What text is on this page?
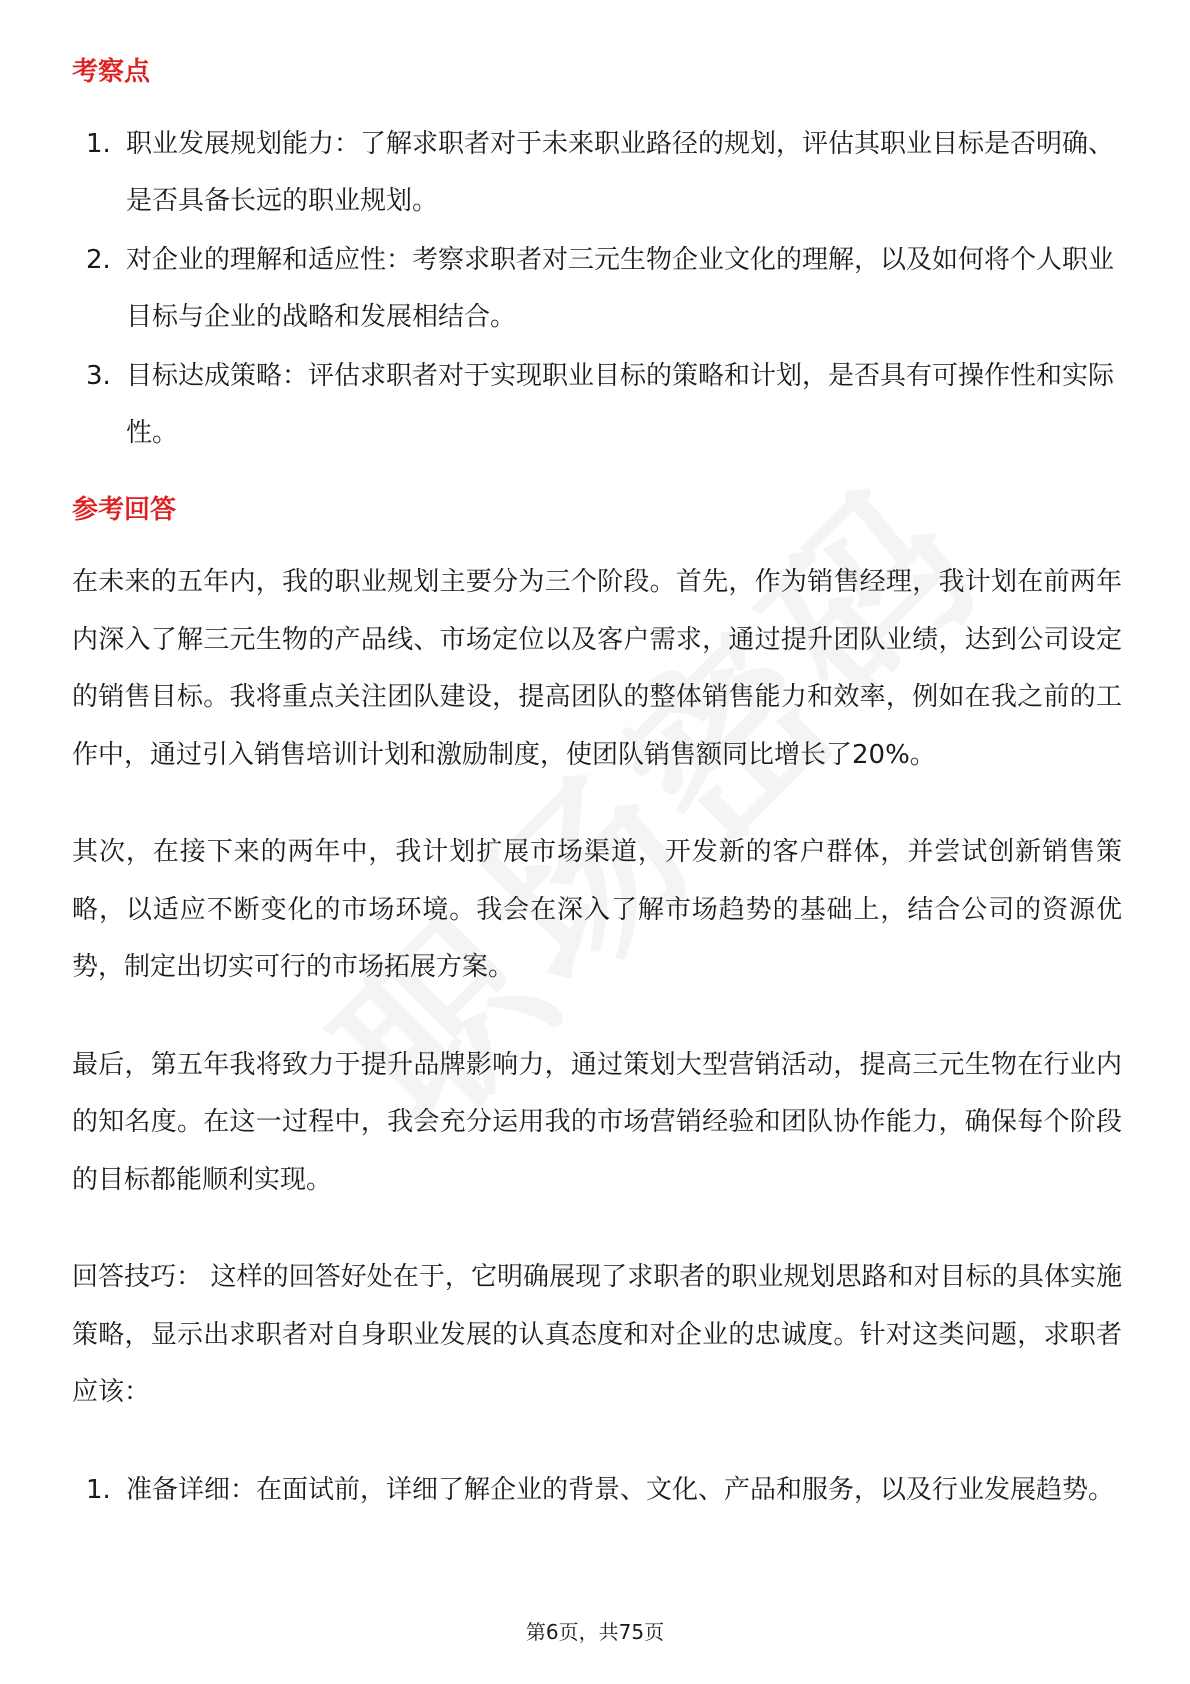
考察点
1. 职业发展规划能力：了解求职者对于未来职业路径的规划，评估其职业目标是否明确、是否具备长远的职业规划。
2. 对企业的理解和适应性：考察求职者对三元生物企业文化的理解，以及如何将个人职业目标与企业的战略和发展相结合。
3. 目标达成策略：评估求职者对于实现职业目标的策略和计划，是否具有可操作性和实际性。
参考回答

在未来的五年内，我的职业规划主要分为三个阶段。首先，作为销售经理，我计划在前两年内深入了解三元生物的产品线、市场定位以及客户需求，通过提升团队业绩，达到公司设定的销售目标。我将重点关注团队建设，提高团队的整体销售能力和效率，例如在我之前的工作中，通过引入销售培训计划和激励制度，使团队销售额同比增长了20%。

其次，在接下来的两年中，我计划扩展市场渠道，开发新的客户群体，并尝试创新销售策略，以适应不断变化的市场环境。我会在深入了解市场趋势的基础上，结合公司的资源优势，制定出切实可行的市场拓展方案。

最后，第五年我将致力于提升品牌影响力，通过策划大型营销活动，提高三元生物在行业内的知名度。在这一过程中，我会充分运用我的市场营销经验和团队协作能力，确保每个阶段的目标都能顺利实现。

回答技巧： 这样的回答好处在于，它明确展现了求职者的职业规划思路和对目标的具体实施策略，显示出求职者对自身职业发展的认真态度和对企业的忠诚度。针对这类问题，求职者应该：

1. 准备详细：在面试前，详细了解企业的背景、文化、产品和服务，以及行业发展趋势。
第6页，共75页
